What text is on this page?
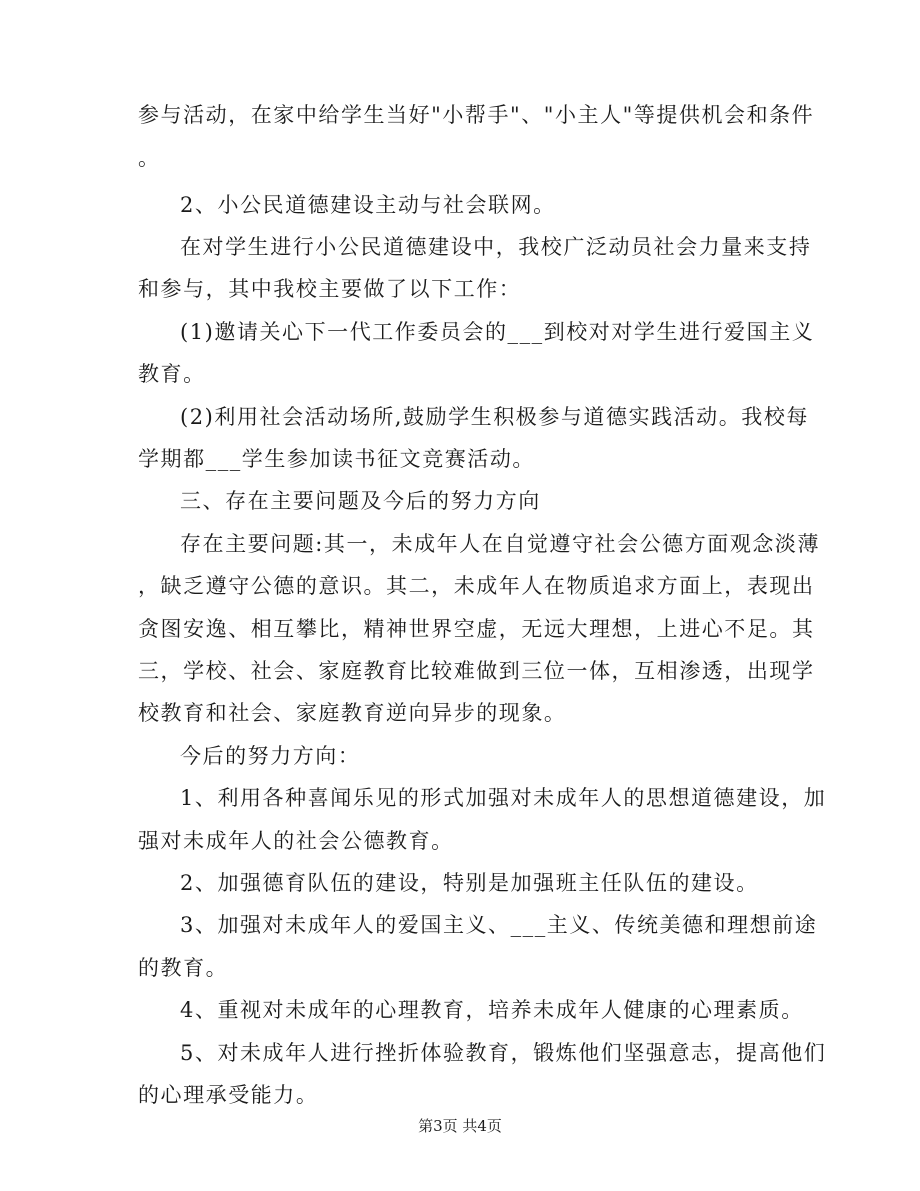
参与活动，在家中给学生当好"小帮手"、"小主人"等提供机会和条件
。
2、小公民道德建设主动与社会联网。
在对学生进行小公民道德建设中，我校广泛动员社会力量来支持
和参与，其中我校主要做了以下工作：
(1)邀请关心下一代工作委员会的___到校对对学生进行爱国主义
教育。
(2)利用社会活动场所,鼓励学生积极参与道德实践活动。我校每
学期都___学生参加读书征文竞赛活动。
三、存在主要问题及今后的努力方向
存在主要问题:其一，未成年人在自觉遵守社会公德方面观念淡薄
，缺乏遵守公德的意识。其二，未成年人在物质追求方面上，表现出
贪图安逸、相互攀比，精神世界空虚，无远大理想，上进心不足。其
三，学校、社会、家庭教育比较难做到三位一体，互相渗透，出现学
校教育和社会、家庭教育逆向异步的现象。
今后的努力方向：
1、利用各种喜闻乐见的形式加强对未成年人的思想道德建设，加
强对未成年人的社会公德教育。
2、加强德育队伍的建设，特别是加强班主任队伍的建设。
3、加强对未成年人的爱国主义、___主义、传统美德和理想前途
的教育。
4、重视对未成年的心理教育，培养未成年人健康的心理素质。
5、对未成年人进行挫折体验教育，锻炼他们坚强意志，提高他们
的心理承受能力。
第3页 共4页
